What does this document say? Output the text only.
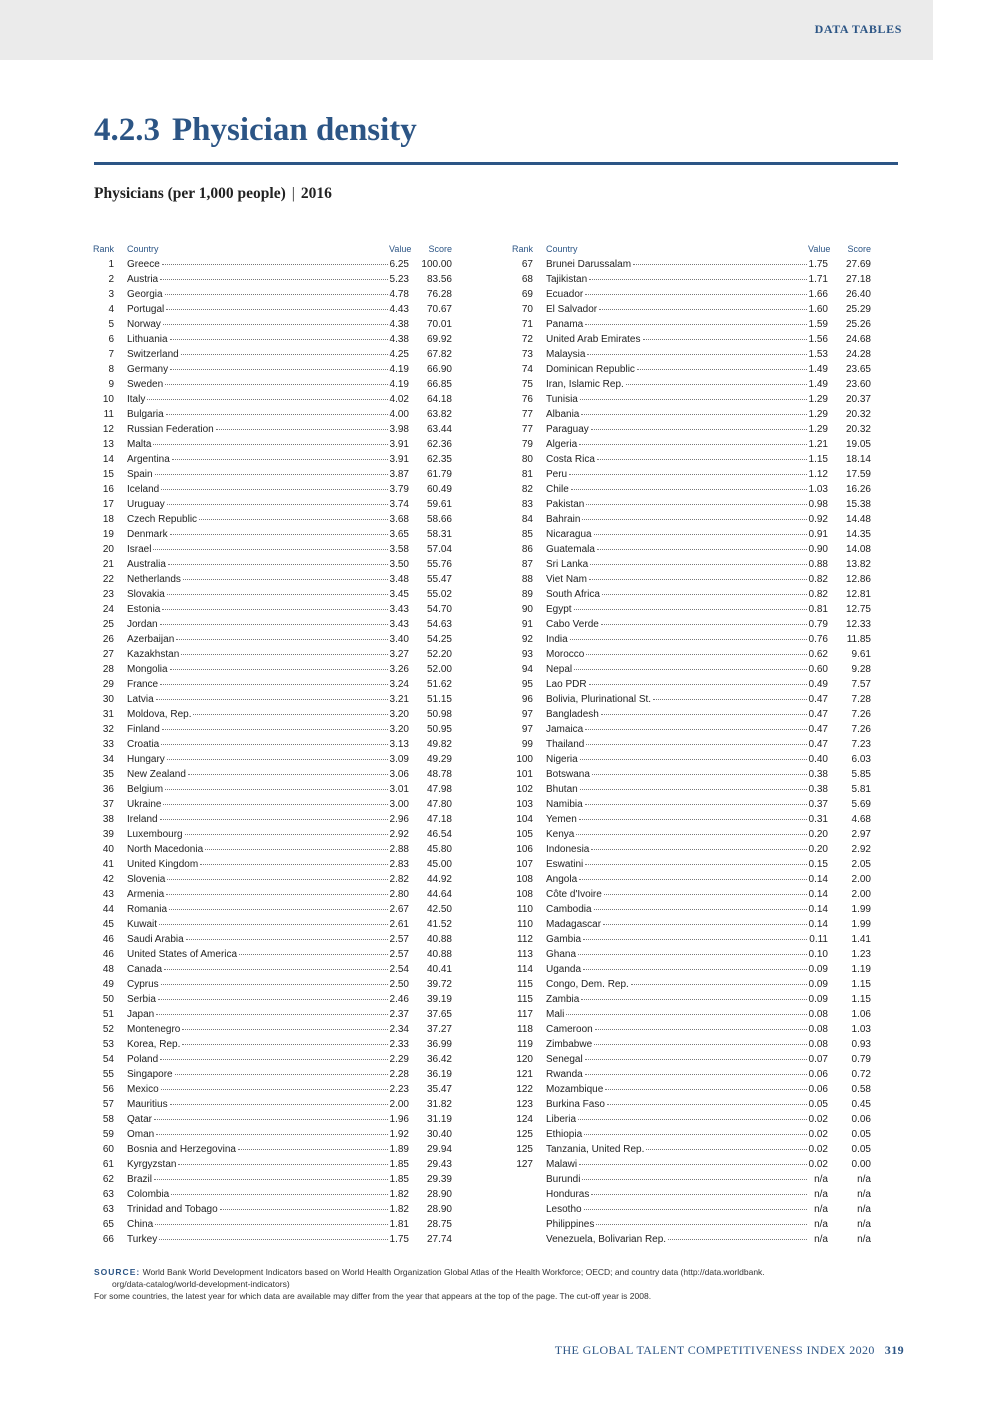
DATA TABLES
4.2.3 Physician density
Physicians (per 1,000 people) | 2016
Rank Country	Value	Score
1 Greece	6.25	100.00
2 Austria	5.23	83.56
3 Georgia	4.78	76.28
4 Portugal	4.43	70.67
5 Norway	4.38	70.01
6 Lithuania	4.38	69.92
7 Switzerland	4.25	67.82
8 Germany	4.19	66.90
9 Sweden	4.19	66.85
10 Italy	4.02	64.18
11 Bulgaria	4.00	63.82
12 Russian Federation	3.98	63.44
13 Malta	3.91	62.36
14 Argentina	3.91	62.35
15 Spain	3.87	61.79
16 Iceland	3.79	60.49
17 Uruguay	3.74	59.61
18 Czech Republic	3.68	58.66
19 Denmark	3.65	58.31
20 Israel	3.58	57.04
21 Australia	3.50	55.76
22 Netherlands	3.48	55.47
23 Slovakia	3.45	55.02
24 Estonia	3.43	54.70
25 Jordan	3.43	54.63
26 Azerbaijan	3.40	54.25
27 Kazakhstan	3.27	52.20
28 Mongolia	3.26	52.00
29 France	3.24	51.62
30 Latvia	3.21	51.15
31 Moldova, Rep.	3.20	50.98
32 Finland	3.20	50.95
33 Croatia	3.13	49.82
34 Hungary	3.09	49.29
35 New Zealand	3.06	48.78
36 Belgium	3.01	47.98
37 Ukraine	3.00	47.80
38 Ireland	2.96	47.18
39 Luxembourg	2.92	46.54
40 North Macedonia	2.88	45.80
41 United Kingdom	2.83	45.00
42 Slovenia	2.82	44.92
43 Armenia	2.80	44.64
44 Romania	2.67	42.50
45 Kuwait	2.61	41.52
46 Saudi Arabia	2.57	40.88
46 United States of America	2.57	40.88
48 Canada	2.54	40.41
49 Cyprus	2.50	39.72
50 Serbia	2.46	39.19
51 Japan	2.37	37.65
52 Montenegro	2.34	37.27
53 Korea, Rep.	2.33	36.99
54 Poland	2.29	36.42
55 Singapore	2.28	36.19
56 Mexico	2.23	35.47
57 Mauritius	2.00	31.82
58 Qatar	1.96	31.19
59 Oman	1.92	30.40
60 Bosnia and Herzegovina	1.89	29.94
61 Kyrgyzstan	1.85	29.43
62 Brazil	1.85	29.39
63 Colombia	1.82	28.90
63 Trinidad and Tobago	1.82	28.90
65 China	1.81	28.75
66 Turkey	1.75	27.74
Rank Country	Value	Score
67 Brunei Darussalam	1.75	27.69
68 Tajikistan	1.71	27.18
69 Ecuador	1.66	26.40
70 El Salvador	1.60	25.29
71 Panama	1.59	25.26
72 United Arab Emirates	1.56	24.68
73 Malaysia	1.53	24.28
74 Dominican Republic	1.49	23.65
75 Iran, Islamic Rep.	1.49	23.60
76 Tunisia	1.29	20.37
77 Albania	1.29	20.32
77 Paraguay	1.29	20.32
79 Algeria	1.21	19.05
80 Costa Rica	1.15	18.14
81 Peru	1.12	17.59
82 Chile	1.03	16.26
83 Pakistan	0.98	15.38
84 Bahrain	0.92	14.48
85 Nicaragua	0.91	14.35
86 Guatemala	0.90	14.08
87 Sri Lanka	0.88	13.82
88 Viet Nam	0.82	12.86
89 South Africa	0.82	12.81
90 Egypt	0.81	12.75
91 Cabo Verde	0.79	12.33
92 India	0.76	11.85
93 Morocco	0.62	9.61
94 Nepal	0.60	9.28
95 Lao PDR	0.49	7.57
96 Bolivia, Plurinational St.	0.47	7.28
97 Bangladesh	0.47	7.26
97 Jamaica	0.47	7.26
99 Thailand	0.47	7.23
100 Nigeria	0.40	6.03
101 Botswana	0.38	5.85
102 Bhutan	0.38	5.81
103 Namibia	0.37	5.69
104 Yemen	0.31	4.68
105 Kenya	0.20	2.97
106 Indonesia	0.20	2.92
107 Eswatini	0.15	2.05
108 Angola	0.14	2.00
108 Côte d'Ivoire	0.14	2.00
110 Cambodia	0.14	1.99
110 Madagascar	0.14	1.99
112 Gambia	0.11	1.41
113 Ghana	0.10	1.23
114 Uganda	0.09	1.19
115 Congo, Dem. Rep.	0.09	1.15
115 Zambia	0.09	1.15
117 Mali	0.08	1.06
118 Cameroon	0.08	1.03
119 Zimbabwe	0.08	0.93
120 Senegal	0.07	0.79
121 Rwanda	0.06	0.72
122 Mozambique	0.06	0.58
123 Burkina Faso	0.05	0.45
124 Liberia	0.02	0.06
125 Ethiopia	0.02	0.05
125 Tanzania, United Rep.	0.02	0.05
127 Malawi	0.02	0.00
Burundi	n/a	n/a
Honduras	n/a	n/a
Lesotho	n/a	n/a
Philippines	n/a	n/a
Venezuela, Bolivarian Rep.	n/a	n/a

SOURCE: World Bank World Development Indicators based on World Health Organization Global Atlas of the Health Workforce; OECD; and country data (http://data.worldbank.

org/data-catalog/world-development-indicators)

For some countries, the latest year for which data are available may differ from the year that appears at the top of the page. The cut-off year is 2008.

THE GLOBAL TALENT COMPETITIVENESS INDEX 2020 319
